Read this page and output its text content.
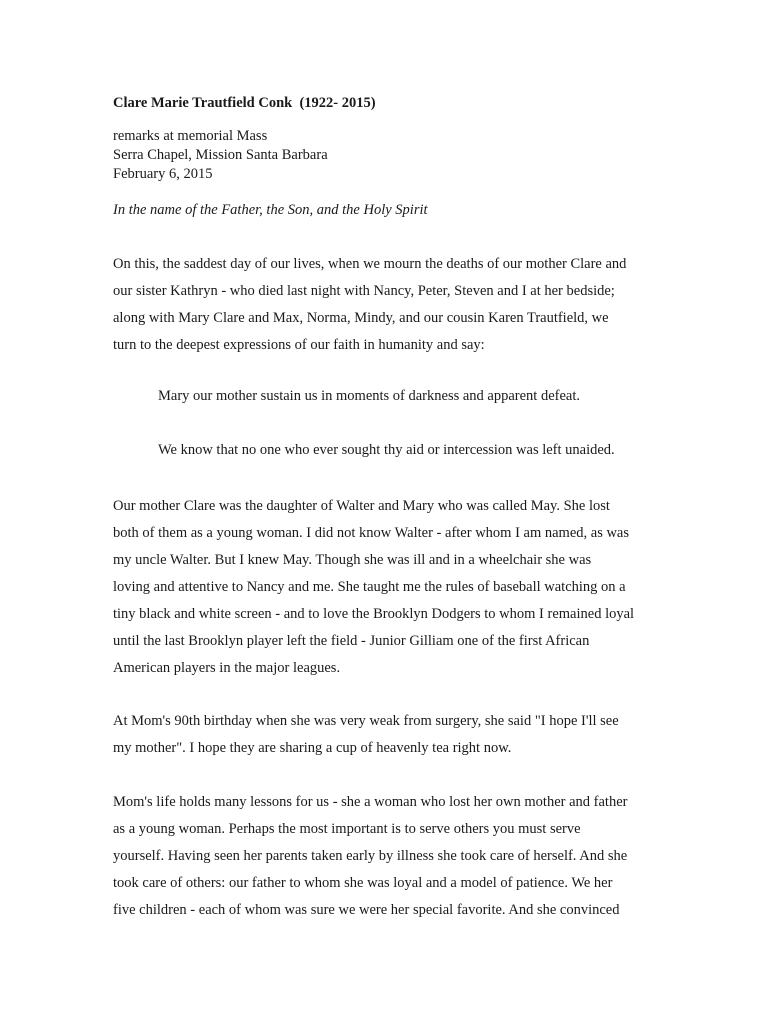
Clare Marie Trautfield Conk  (1922- 2015)
remarks at memorial Mass
Serra Chapel, Mission Santa Barbara
February 6, 2015
In the name of the Father, the Son, and the Holy Spirit
On this, the saddest day of our lives, when we mourn the deaths of our mother Clare and
our sister Kathryn - who died last night with Nancy, Peter, Steven and I at her bedside;
along with Mary Clare and Max, Norma, Mindy, and our cousin Karen Trautfield, we
turn to the deepest expressions of our faith in humanity and say:
Mary our mother sustain us in moments of darkness and apparent defeat.
We know that no one who ever sought thy aid or intercession was left unaided.
Our mother Clare was the daughter of Walter and Mary who was called May. She lost
both of them as a young woman. I did not know Walter - after whom I am named, as was
my uncle Walter. But I knew May. Though she was ill and in a wheelchair she was
loving and attentive to Nancy and me. She taught me the rules of baseball watching on a
tiny black and white screen - and to love the Brooklyn Dodgers to whom I remained loyal
until the last Brooklyn player left the field - Junior Gilliam one of the first African
American players in the major leagues.
At Mom's 90th birthday when she was very weak from surgery, she said "I hope I'll see
my mother". I hope they are sharing a cup of heavenly tea right now.
Mom's life holds many lessons for us - she a woman who lost her own mother and father
as a young woman. Perhaps the most important is to serve others you must serve
yourself. Having seen her parents taken early by illness she took care of herself. And she
took care of others: our father to whom she was loyal and a model of patience. We her
five children - each of whom was sure we were her special favorite. And she convinced
